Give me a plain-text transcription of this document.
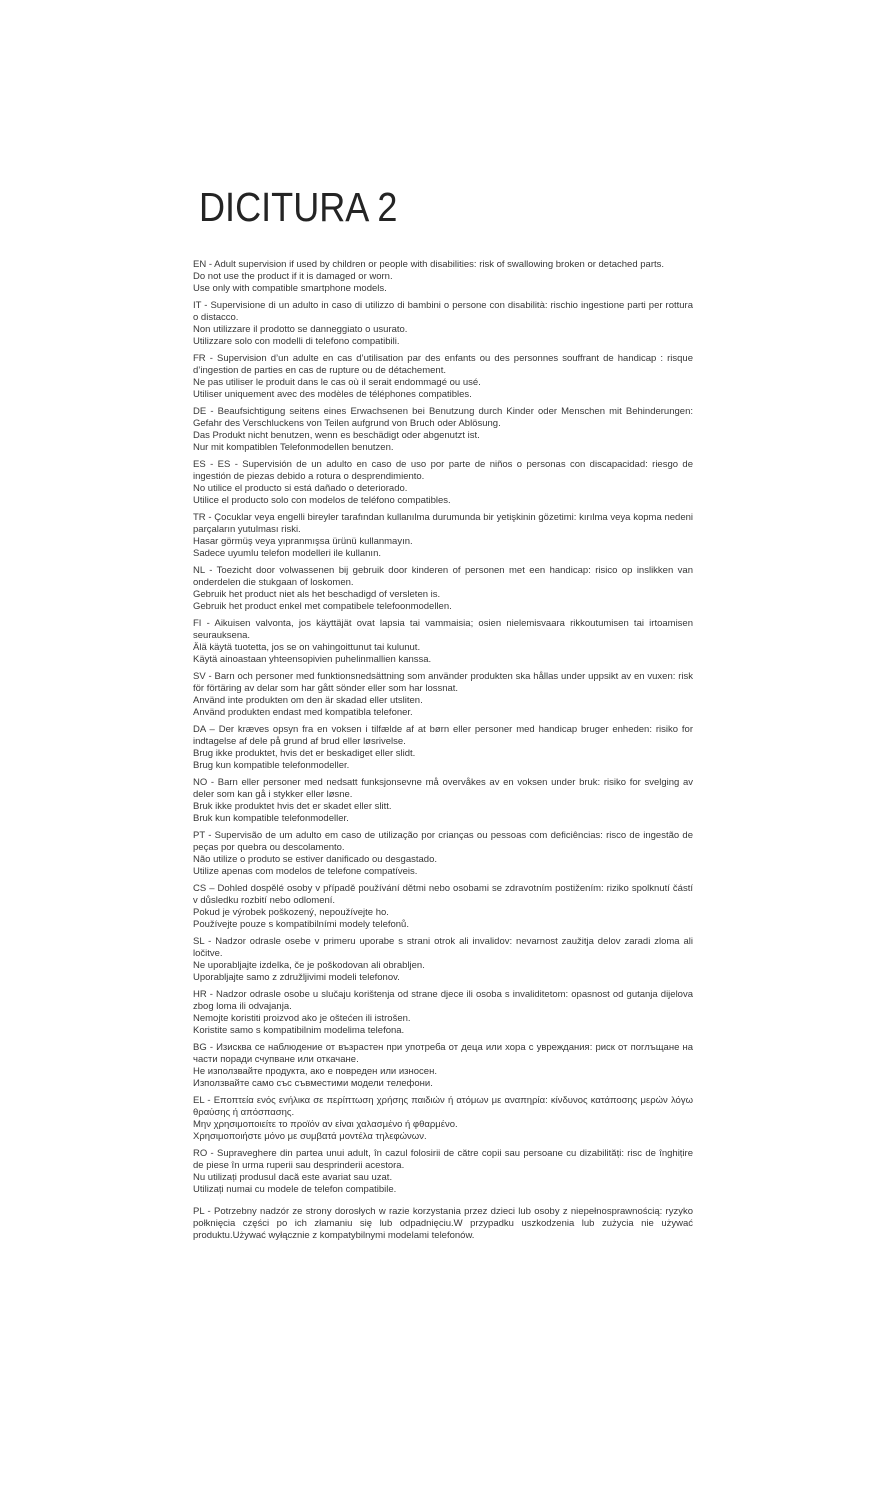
DICITURA 2

EN - Adult supervision if used by children or people with disabilities: risk of swallowing broken or detached parts.

Do not use the product if it is damaged or worn.

Use only with compatible smartphone models.

IT - Supervisione di un adulto in caso di utilizzo di bambini o persone con disabilità: rischio ingestione parti per rottura o distacco.

Non utilizzare il prodotto se danneggiato o usurato.

Utilizzare solo con modelli di telefono compatibili.

FR - Supervision d’un adulte en cas d’utilisation par des enfants ou des personnes souffrant de handicap : risque d’ingestion de parties en cas de rupture ou de détachement.

Ne pas utiliser le produit dans le cas où il serait endommagé ou usé.

Utiliser uniquement avec des modèles de téléphones compatibles.

DE - Beaufsichtigung seitens eines Erwachsenen bei Benutzung durch Kinder oder Menschen mit Behinderungen: Gefahr des Verschluckens von Teilen aufgrund von Bruch oder Ablösung.

Das Produkt nicht benutzen, wenn es beschädigt oder abgenutzt ist.

Nur mit kompatiblen Telefonmodellen benutzen.

ES - ES - Supervisión de un adulto en caso de uso por parte de niños o personas con discapacidad: riesgo de ingestión de piezas debido a rotura o desprendimiento.

No utilice el producto si está dañado o deteriorado.

Utilice el producto solo con modelos de teléfono compatibles.

TR - Çocuklar veya engelli bireyler tarafından kullanılma durumunda bir yetişkinin gözetimi: kırılma veya kopma nedeni parçaların yutulması riski.

Hasar görmüş veya yıpranmışsa ürünü kullanmayın.

Sadece uyumlu telefon modelleri ile kullanın.

NL - Toezicht door volwassenen bij gebruik door kinderen of personen met een handicap: risico op inslikken van onderdelen die stukgaan of loskomen.

Gebruik het product niet als het beschadigd of versleten is.

Gebruik het product enkel met compatibele telefoonmodellen.

FI - Aikuisen valvonta, jos käyttäjät ovat lapsia tai vammaisia; osien nielemisvaara rikkoutumisen tai irtoamisen seurauksena.

Älä käytä tuotetta, jos se on vahingoittunut tai kulunut.

Käytä ainoastaan yhteensopivien puhelinmallien kanssa.

SV - Barn och personer med funktionsnedsättning som använder produkten ska hållas under uppsikt av en vuxen: risk för förtäring av delar som har gått sönder eller som har lossnat.

Använd inte produkten om den är skadad eller utsliten.

Använd produkten endast med kompatibla telefoner.

DA – Der kræves opsyn fra en voksen i tilfælde af at børn eller personer med handicap bruger enheden: risiko for indtagelse af dele på grund af brud eller løsrivelse.

Brug ikke produktet, hvis det er beskadiget eller slidt.

Brug kun kompatible telefonmodeller.

NO - Barn eller personer med nedsatt funksjonsevne må overvåkes av en voksen under bruk: risiko for svelging av deler som kan gå i stykker eller løsne.

Bruk ikke produktet hvis det er skadet eller slitt.

Bruk kun kompatible telefonmodeller.

PT - Supervisão de um adulto em caso de utilização por crianças ou pessoas com deficiências: risco de ingestão de peças por quebra ou descolamento.

Não utilize o produto se estiver danificado ou desgastado.

Utilize apenas com modelos de telefone compatíveis.

CS – Dohled dospělé osoby v případě používání dětmi nebo osobami se zdravotním postižením: riziko spolknutí částí v důsledku rozbití nebo odlomení.

Pokud je výrobek poškozený, nepoužívejte ho.

Používejte pouze s kompatibilními modely telefonů.

SL - Nadzor odrasle osebe v primeru uporabe s strani otrok ali invalidov: nevarnost zaužitja delov zaradi zloma ali ločitve.

Ne uporabljajte izdelka, če je poškodovan ali obrabljen.

Uporabljajte samo z združljivimi modeli telefonov.

HR - Nadzor odrasle osobe u slučaju korištenja od strane djece ili osoba s invaliditetom: opasnost od gutanja dijelova zbog loma ili odvajanja.

Nemojte koristiti proizvod ako je oštećen ili istrošen.

Koristite samo s kompatibilnim modelima telefona.

BG - Изисква се наблюдение от възрастен при употреба от деца или хора с увреждания: риск от поглъщане на части поради счупване или откачане.

Не използвайте продукта, ако е повреден или износен.

Използвайте само със съвместими модели телефони.

EL - Εποπτεία ενός ενήλικα σε περίπτωση χρήσης παιδιών ή ατόμων με αναπηρία: κίνδυνος κατάποσης μερών λόγω θραύσης ή απόσπασης.

Μην χρησιμοποιείτε το προϊόν αν είναι χαλασμένο ή φθαρμένο.

Χρησιμοποιήστε μόνο με συμβατά μοντέλα τηλεφώνων.

RO - Supraveghere din partea unui adult, în cazul folosirii de către copii sau persoane cu dizabilități: risc de înghițire de piese în urma ruperii sau desprinderii acestora.

Nu utilizați produsul dacă este avariat sau uzat.

Utilizați numai cu modele de telefon compatibile.

PL - Potrzebny nadzór ze strony dorosłych w razie korzystania przez dzieci lub osoby z niepełnosprawnością: ryzyko połknięcia części po ich złamaniu się lub odpadnięciu.W przypadku uszkodzenia lub zużycia nie używać produktu.Używać wyłącznie z kompatybilnymi modelami telefonów.
